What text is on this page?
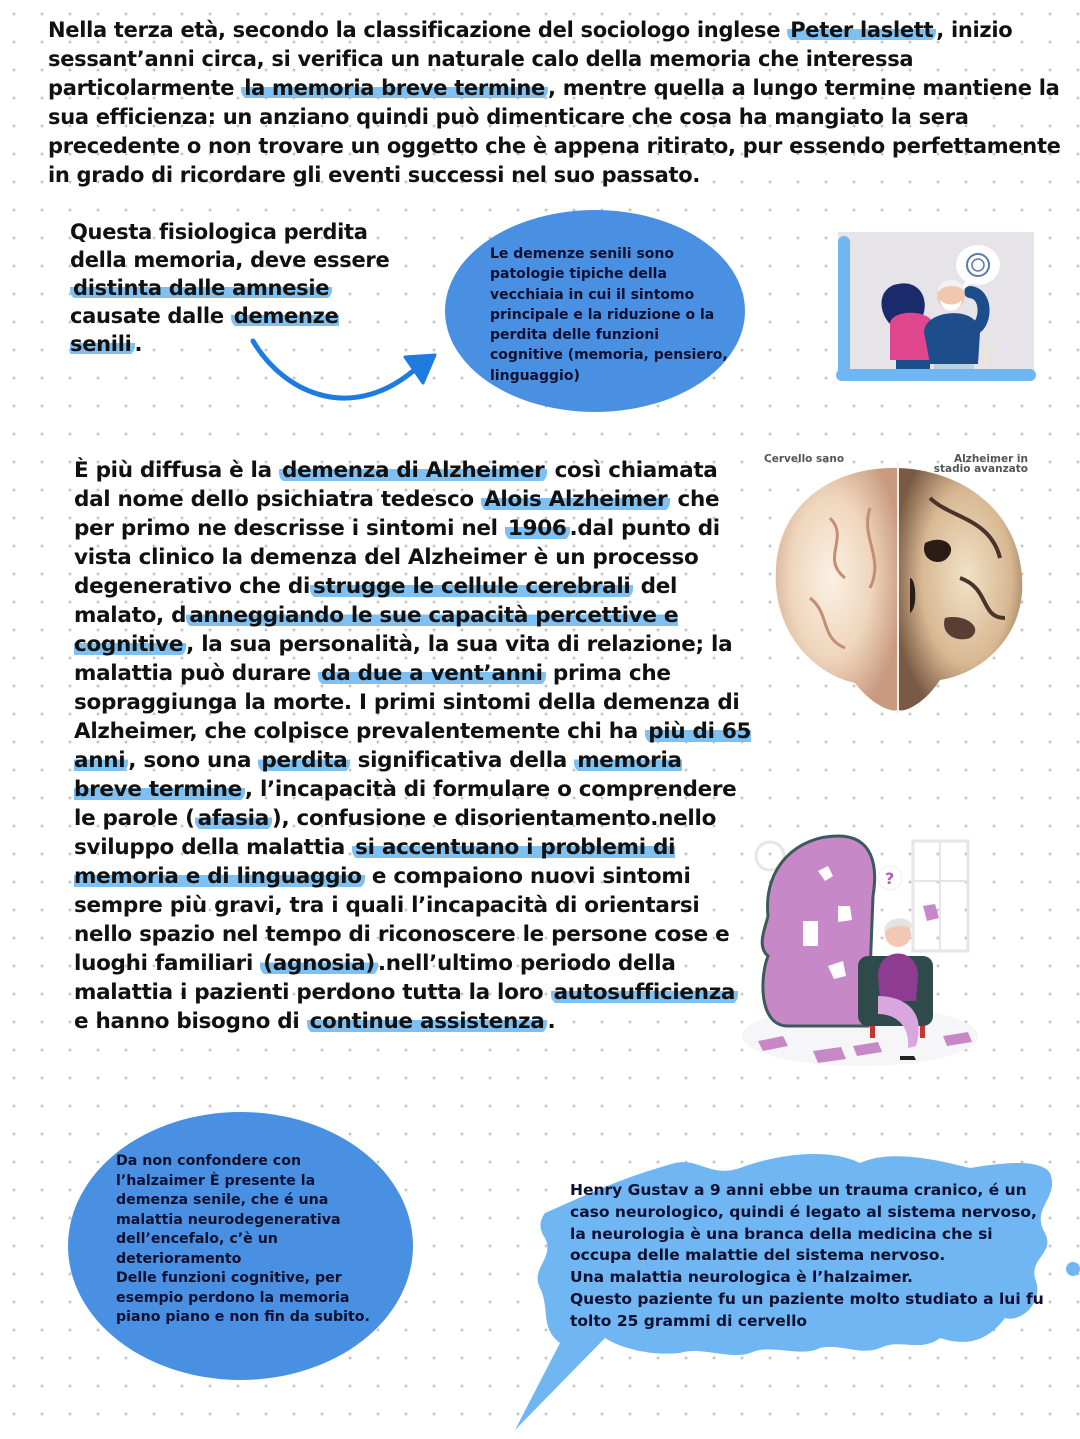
Nella terza età, secondo la classificazione del sociologo inglese Peter laslett , inizio sessant’anni circa, si verifica un naturale calo della memoria che interessa particolarmente la memoria breve termine , mentre quella a lungo termine mantiene la sua efficienza: un anziano quindi può dimenticare che cosa ha mangiato la sera precedente o non trovare un oggetto che è appena ritirato, pur essendo perfettamente in grado di ricordare gli eventi successi nel suo passato.
Questa fisiologica perdita della memoria, deve essere distinta dalle amnesie causate dalle demenze senili .
Le demenze senili sono patologie tipiche della vecchiaia in cui il sintomo principale e la riduzione o la perdita delle funzioni cognitive (memoria, pensiero, linguaggio)
È più diffusa è la demenza di Alzheimer così chiamata dal nome dello psichiatra tedesco Alois Alzheimer che per primo ne descrisse i sintomi nel 1906 .dal punto di vista clinico la demenza del Alzheimer è un processo degenerativo che di strugge le cellule cerebrali del malato, d anneggiando le sue capacità percettive e cognitive , la sua personalità, la sua vita di relazione; la malattia può durare da due a vent’anni prima che sopraggiunga la morte. I primi sintomi della demenza di Alzheimer, che colpisce prevalentemente chi ha più di 65 anni , sono una perdita significativa della memoria breve termine , l’incapacità di formulare o comprendere le parole ( afasia ), confusione e disorientamento.nello sviluppo della malattia si accentuano i problemi di memoria e di linguaggio e compaiono nuovi sintomi sempre più gravi, tra i quali l’incapacità di orientarsi nello spazio nel tempo di riconoscere le persone cose e luoghi familiari (agnosia) .nell’ultimo periodo della malattia i pazienti perdono tutta la loro autosufficienza e hanno bisogno di continue assistenza .
Cervello sano	Alzheimer in
stadio avanzato
?
Da non confondere con l’halzaimer È presente la demenza senile, che é una malattia neurodegenerativa dell’encefalo, c’è un deterioramento
Delle funzioni cognitive, per esempio perdono la memoria piano piano e non fin da subito.
Henry Gustav a 9 anni ebbe un trauma cranico, é un caso neurologico, quindi é legato al sistema nervoso, la neurologia è una branca della medicina che si occupa delle malattie del sistema nervoso.
Una malattia neurologica è l’halzaimer.
Questo paziente fu un paziente molto studiato a lui fu tolto 25 grammi di cervello
